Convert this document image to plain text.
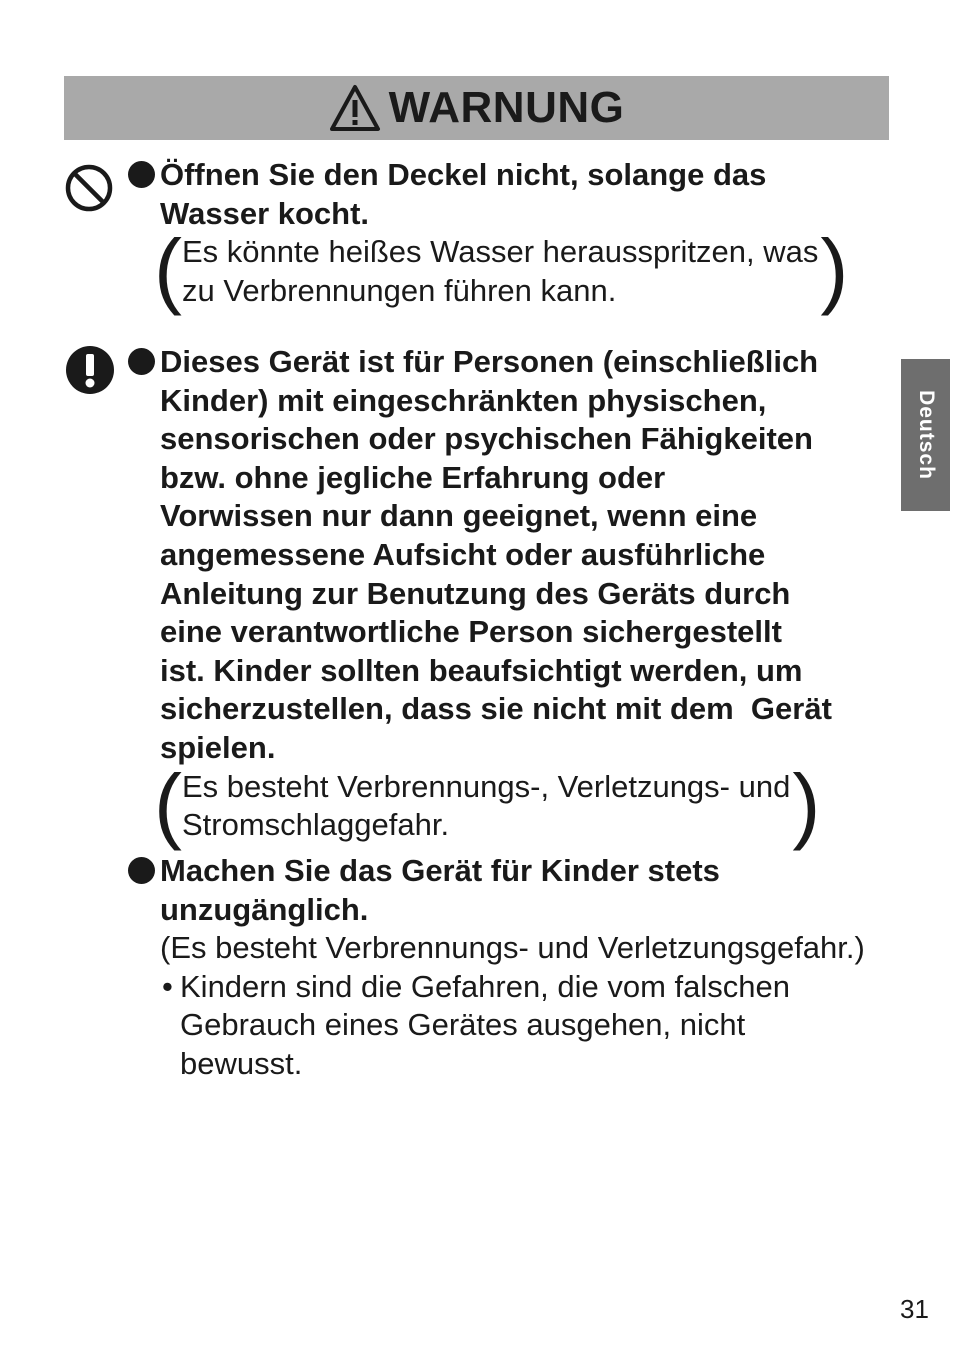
WARNUNG
Öffnen Sie den Deckel nicht, solange das
Wasser kocht.
( Es könnte heißes Wasser herausspritzen, was
zu Verbrennungen führen kann.
)
Dieses Gerät ist für Personen (einschließlich
Kinder) mit eingeschränkten physischen,
sensorischen oder psychischen Fähigkeiten
bzw. ohne jegliche Erfahrung oder
Vorwissen nur dann geeignet, wenn eine
angemessene Aufsicht oder ausführliche
Anleitung zur Benutzung des Geräts durch
eine verantwortliche Person sichergestellt
ist. Kinder sollten beaufsichtigt werden, um
sicherzustellen, dass sie nicht mit dem  Gerät
spielen.
( Es besteht Verbrennungs-, Verletzungs- und
Stromschlaggefahr.
)
Machen Sie das Gerät für Kinder stets
unzugänglich.
(Es besteht Verbrennungs- und Verletzungsgefahr.)
• Kindern sind die Gefahren, die vom falschen
Gebrauch eines Gerätes ausgehen, nicht
bewusst.
Deutsch
31
